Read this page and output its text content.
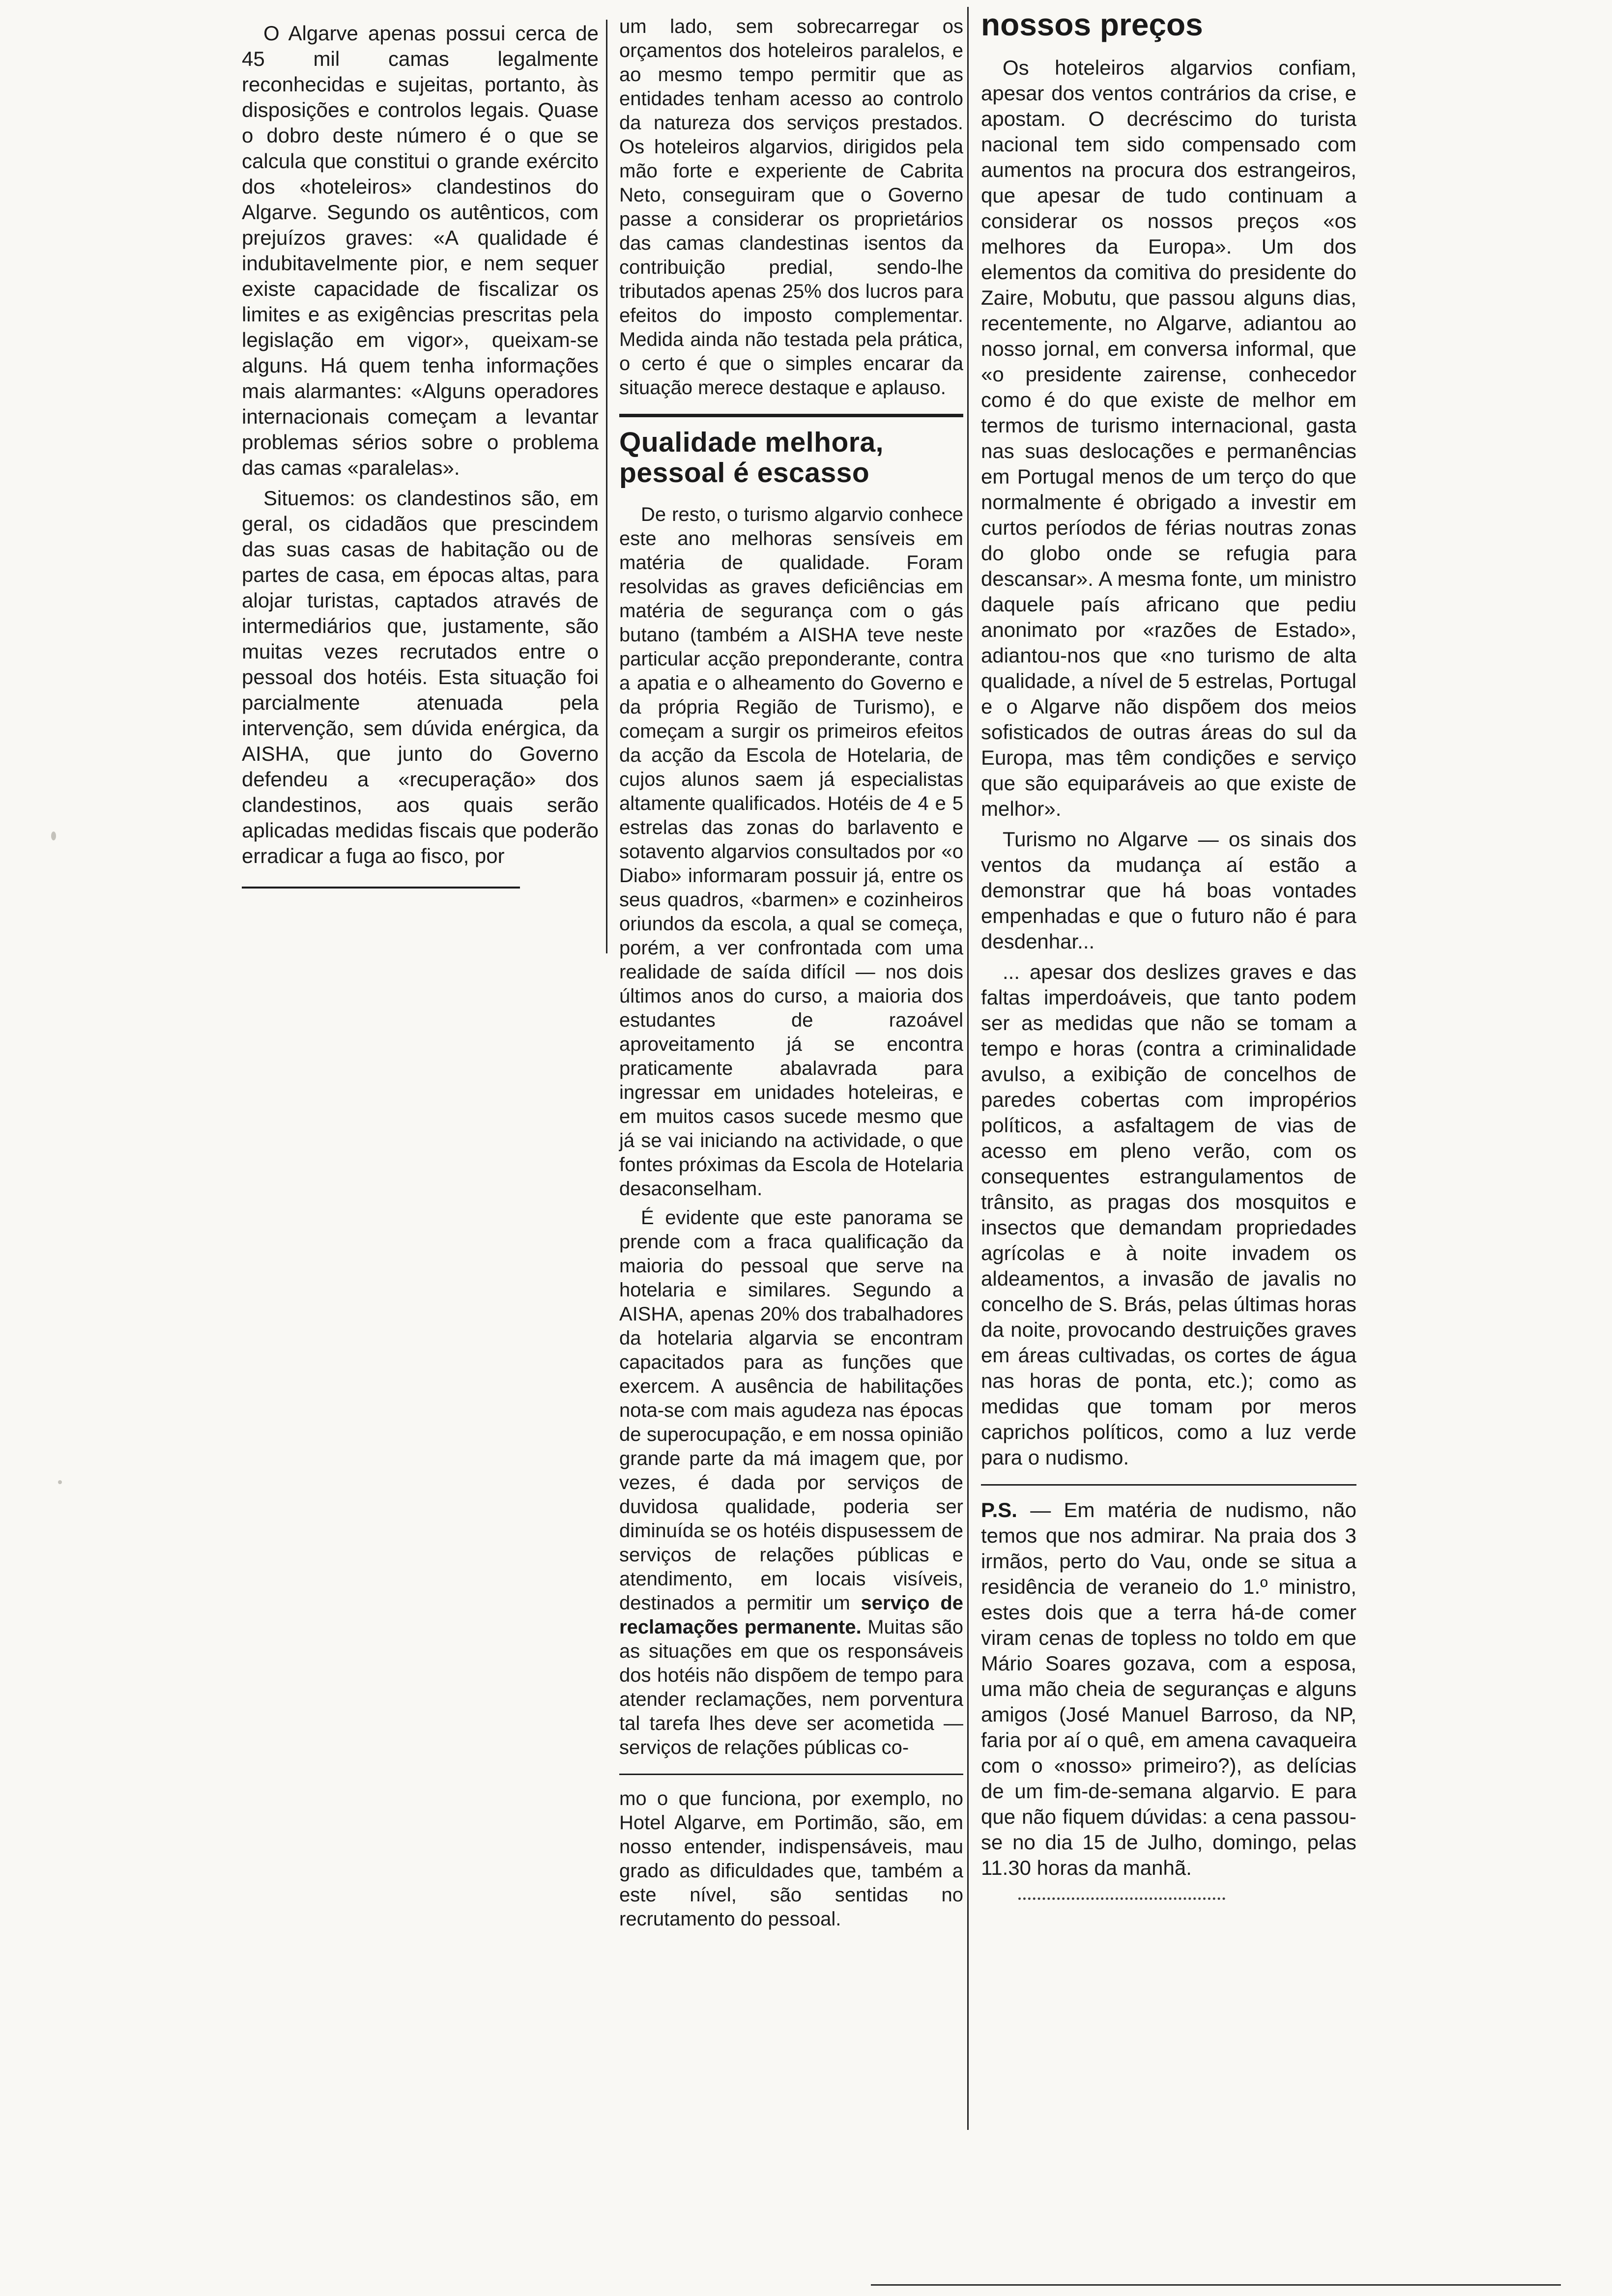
O Algarve apenas possui cerca de 45 mil camas legalmente reconhecidas e sujeitas, portanto, às disposições e controlos legais. Quase o dobro deste número é o que se calcula que constitui o grande exército dos «hoteleiros» clandestinos do Algarve. Segundo os autênticos, com prejuízos graves: «A qualidade é indubitavelmente pior, e nem sequer existe capacidade de fiscalizar os limites e as exigências prescritas pela legislação em vigor», queixam-se alguns. Há quem tenha informações mais alarmantes: «Alguns operadores internacionais começam a levantar problemas sérios sobre o problema das camas «paralelas».

Situemos: os clandestinos são, em geral, os cidadãos que prescindem das suas casas de habitação ou de partes de casa, em épocas altas, para alojar turistas, captados através de intermediários que, justamente, são muitas vezes recrutados entre o pessoal dos hotéis. Esta situação foi parcialmente atenuada pela intervenção, sem dúvida enérgica, da AISHA, que junto do Governo defendeu a «recuperação» dos clandestinos, aos quais serão aplicadas medidas fiscais que poderão erradicar a fuga ao fisco, por

um lado, sem sobrecarregar os orçamentos dos hoteleiros paralelos, e ao mesmo tempo permitir que as entidades tenham acesso ao controlo da natureza dos serviços prestados. Os hoteleiros algarvios, dirigidos pela mão forte e experiente de Cabrita Neto, conseguiram que o Governo passe a considerar os proprietários das camas clandestinas isentos da contribuição predial, sendo-lhe tributados apenas 25% dos lucros para efeitos do imposto complementar. Medida ainda não testada pela prática, o certo é que o simples encarar da situação merece destaque e aplauso.

Qualidade melhora,
pessoal é escasso

De resto, o turismo algarvio conhece este ano melhoras sensíveis em matéria de qualidade. Foram resolvidas as graves deficiências em matéria de segurança com o gás butano (também a AISHA teve neste particular acção preponderante, contra a apatia e o alheamento do Governo e da própria Região de Turismo), e começam a surgir os primeiros efeitos da acção da Escola de Hotelaria, de cujos alunos saem já especialistas altamente qualificados. Hotéis de 4 e 5 estrelas das zonas do barlavento e sotavento algarvios consultados por «o Diabo» informaram possuir já, entre os seus quadros, «barmen» e cozinheiros oriundos da escola, a qual se começa, porém, a ver confrontada com uma realidade de saída difícil — nos dois últimos anos do curso, a maioria dos estudantes de razoável aproveitamento já se encontra praticamente abalavrada para ingressar em unidades hoteleiras, e em muitos casos sucede mesmo que já se vai iniciando na actividade, o que fontes próximas da Escola de Hotelaria desaconselham.

É evidente que este panorama se prende com a fraca qualificação da maioria do pessoal que serve na hotelaria e similares. Segundo a AISHA, apenas 20% dos trabalhadores da hotelaria algarvia se encontram capacitados para as funções que exercem. A ausência de habilitações nota-se com mais agudeza nas épocas de superocupação, e em nossa opinião grande parte da má imagem que, por vezes, é dada por serviços de duvidosa qualidade, poderia ser diminuída se os hotéis dispusessem de serviços de relações públicas e atendimento, em locais visíveis, destinados a permitir um serviço de reclamações permanente. Muitas são as situações em que os responsáveis dos hotéis não dispõem de tempo para atender reclamações, nem porventura tal tarefa lhes deve ser acometida — serviços de relações públicas co-

mo o que funciona, por exemplo, no Hotel Algarve, em Portimão, são, em nosso entender, indispensáveis, mau grado as dificuldades que, também a este nível, são sentidas no recrutamento do pessoal.

nossos preços

Os hoteleiros algarvios confiam, apesar dos ventos contrários da crise, e apostam. O decréscimo do turista nacional tem sido compensado com aumentos na procura dos estrangeiros, que apesar de tudo continuam a considerar os nossos preços «os melhores da Europa». Um dos elementos da comitiva do presidente do Zaire, Mobutu, que passou alguns dias, recentemente, no Algarve, adiantou ao nosso jornal, em conversa informal, que «o presidente zairense, conhecedor como é do que existe de melhor em termos de turismo internacional, gasta nas suas deslocações e permanências em Portugal menos de um terço do que normalmente é obrigado a investir em curtos períodos de férias noutras zonas do globo onde se refugia para descansar». A mesma fonte, um ministro daquele país africano que pediu anonimato por «razões de Estado», adiantou-nos que «no turismo de alta qualidade, a nível de 5 estrelas, Portugal e o Algarve não dispõem dos meios sofisticados de outras áreas do sul da Europa, mas têm condições e serviço que são equiparáveis ao que existe de melhor».

Turismo no Algarve — os sinais dos ventos da mudança aí estão a demonstrar que há boas vontades empenhadas e que o futuro não é para desdenhar...

... apesar dos deslizes graves e das faltas imperdoáveis, que tanto podem ser as medidas que não se tomam a tempo e horas (contra a criminalidade avulso, a exibição de concelhos de paredes cobertas com impropérios políticos, a asfaltagem de vias de acesso em pleno verão, com os consequentes estrangulamentos de trânsito, as pragas dos mosquitos e insectos que demandam propriedades agrícolas e à noite invadem os aldeamentos, a invasão de javalis no concelho de S. Brás, pelas últimas horas da noite, provocando destruições graves em áreas cultivadas, os cortes de água nas horas de ponta, etc.); como as medidas que tomam por meros caprichos políticos, como a luz verde para o nudismo.

P.S. — Em matéria de nudismo, não temos que nos admirar. Na praia dos 3 irmãos, perto do Vau, onde se situa a residência de veraneio do 1.º ministro, estes dois que a terra há-de comer viram cenas de topless no toldo em que Mário Soares gozava, com a esposa, uma mão cheia de seguranças e alguns amigos (José Manuel Barroso, da NP, faria por aí o quê, em amena cavaqueira com o «nosso» primeiro?), as delícias de um fim-de-semana algarvio. E para que não fiquem dúvidas: a cena passou-se no dia 15 de Julho, domingo, pelas 11.30 horas da manhã.
